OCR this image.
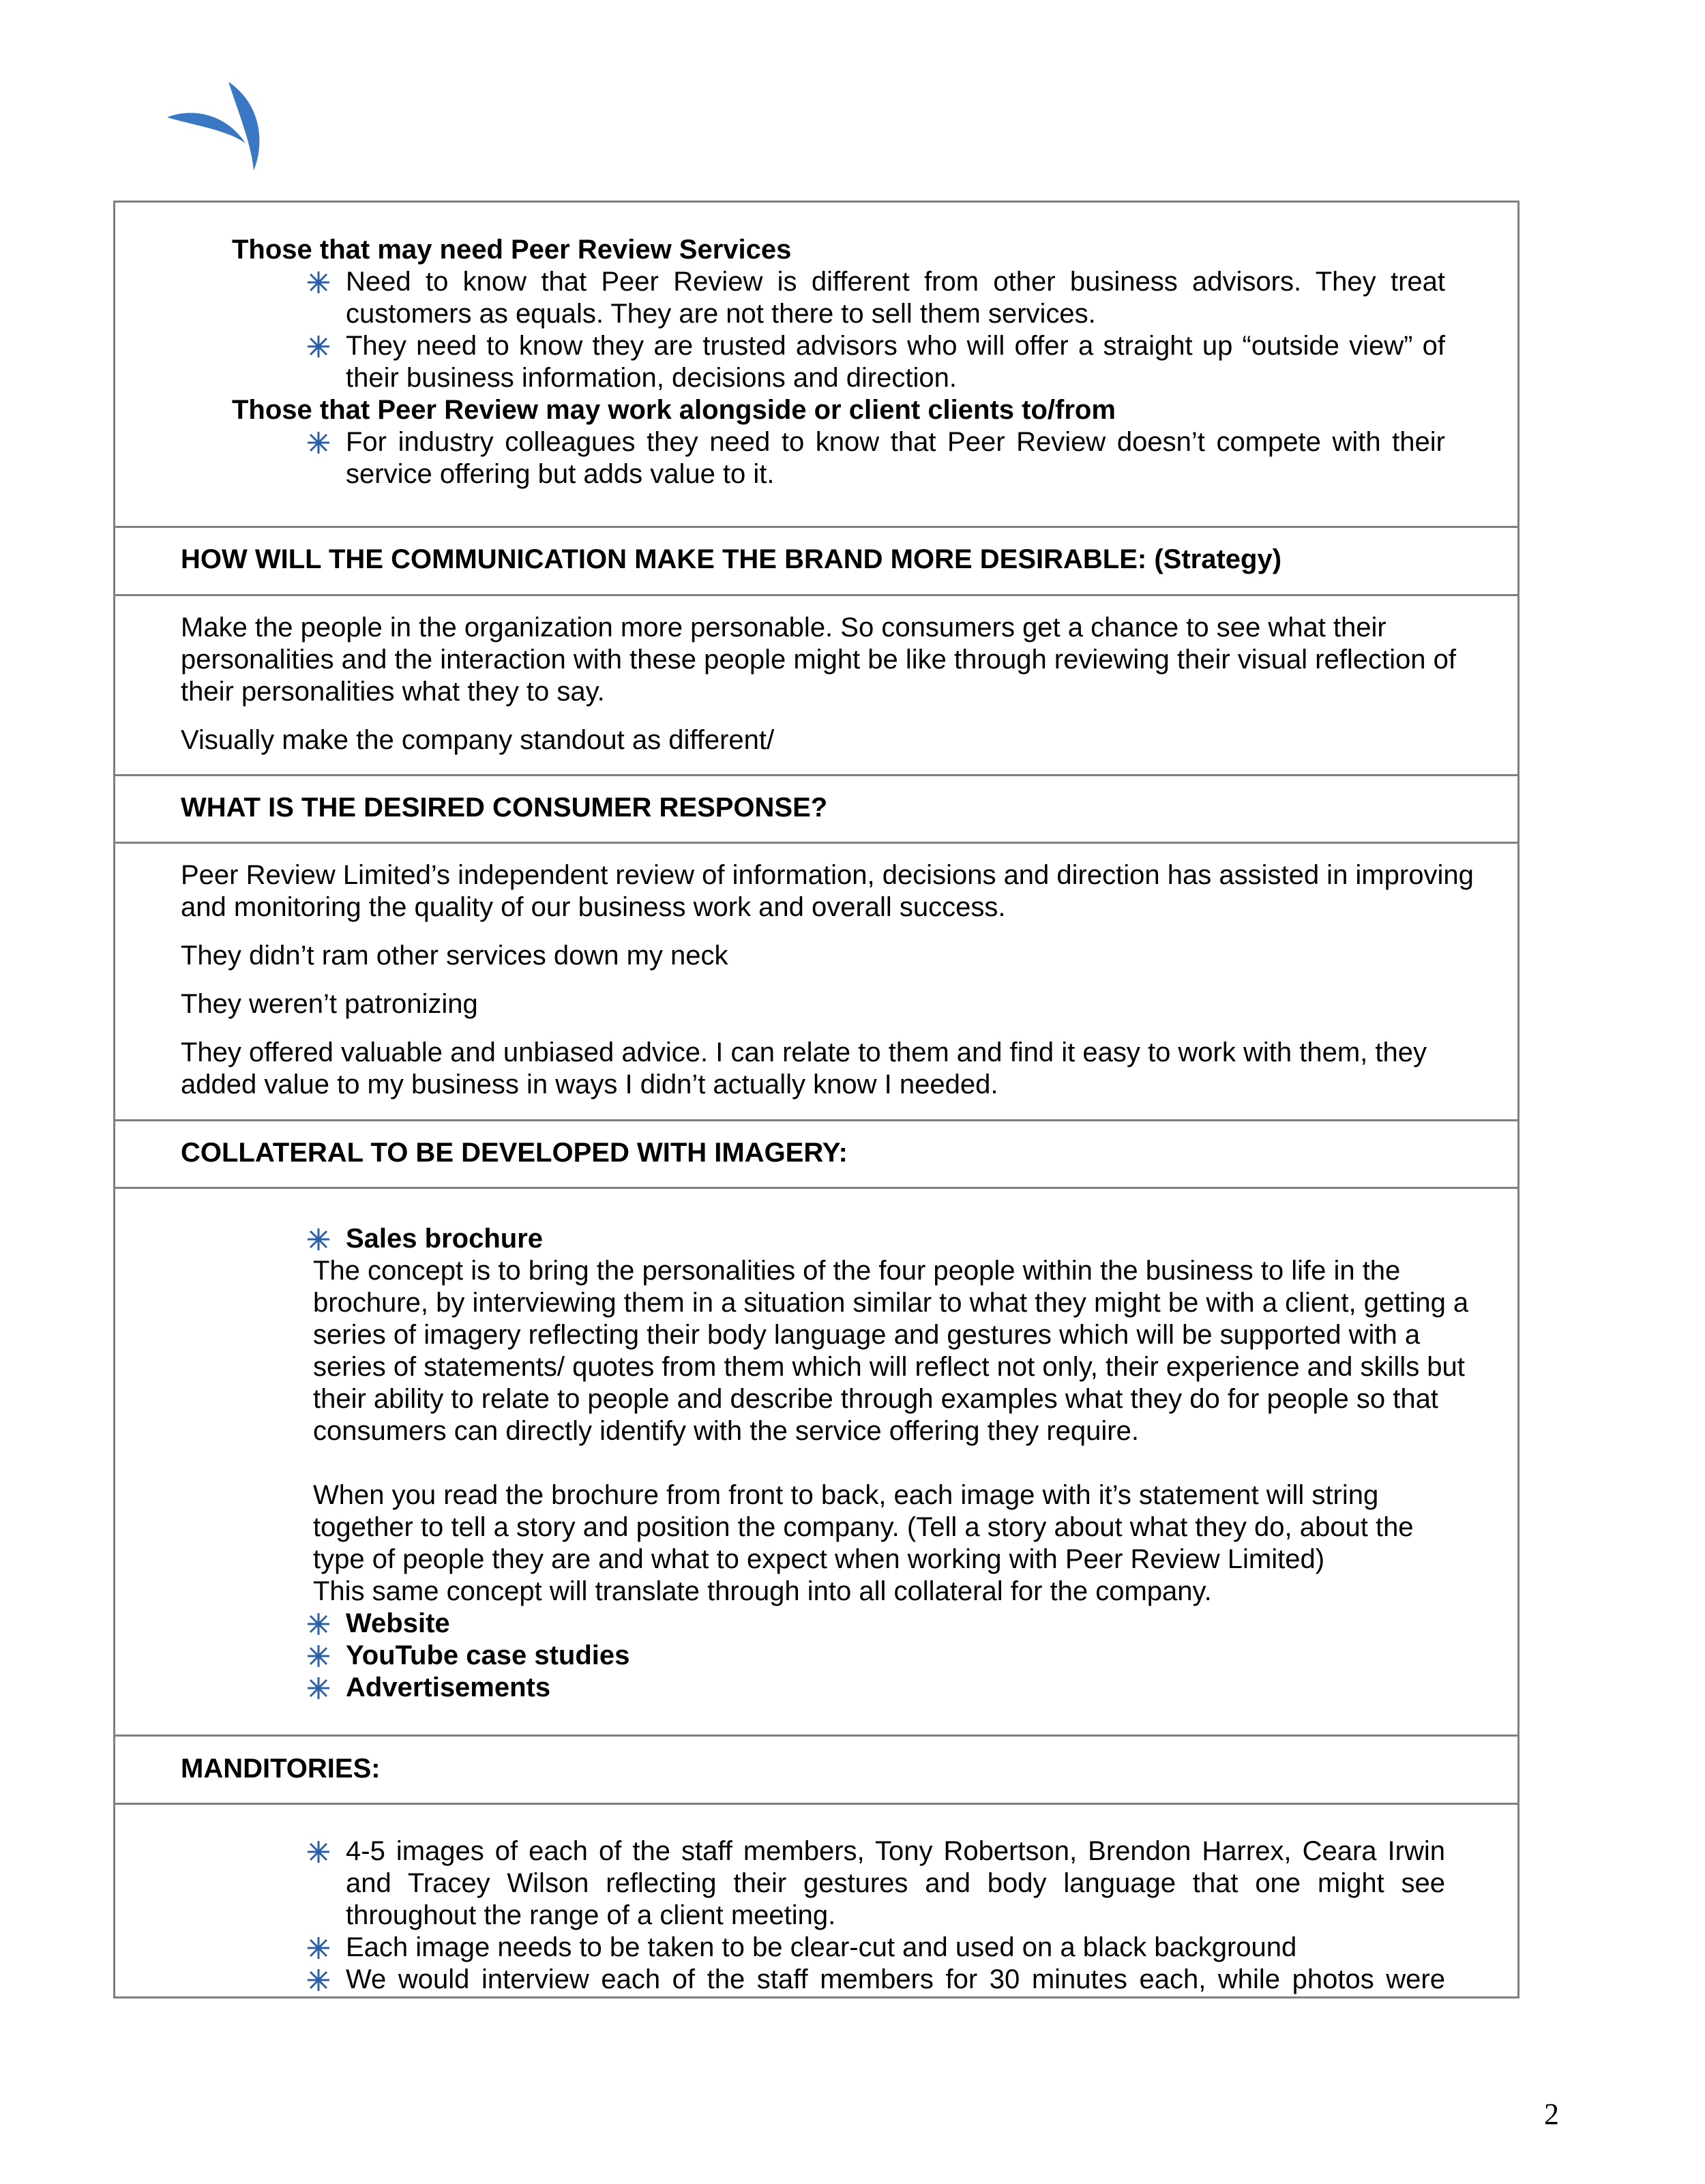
Those that may need Peer Review Services
Need to know that Peer Review is different from other business advisors. They treat customers as equals. They are not there to sell them services.
They need to know they are trusted advisors who will offer a straight up “outside view” of their business information, decisions and direction.
Those that Peer Review may work alongside or client clients to/from
For industry colleagues they need to know that Peer Review doesn’t compete with their service offering but adds value to it.
HOW WILL THE COMMUNICATION MAKE THE BRAND MORE DESIRABLE: (Strategy)

Make the people in the organization more personable. So consumers get a chance to see what their personalities and the interaction with these people might be like through reviewing their visual reflection of their personalities what they to say.

Visually make the company standout as different/

WHAT IS THE DESIRED CONSUMER RESPONSE?

Peer Review Limited’s independent review of information, decisions and direction has assisted in improving and monitoring the quality of our business work and overall success.

They didn’t ram other services down my neck

They weren’t patronizing

They offered valuable and unbiased advice. I can relate to them and find it easy to work with them, they added value to my business in ways I didn’t actually know I needed.

COLLATERAL TO BE DEVELOPED WITH IMAGERY:
Sales brochure

The concept is to bring the personalities of the four people within the business to life in the brochure, by interviewing them in a situation similar to what they might be with a client, getting a series of imagery reflecting their body language and gestures which will be supported with a series of statements/ quotes from them which will reflect not only, their experience and skills but their ability to relate to people and describe through examples what they do for people so that consumers can directly identify with the service offering they require.

When you read the brochure from front to back, each image with it’s statement will string together to tell a story and position the company. (Tell a story about what they do, about the type of people they are and what to expect when working with Peer Review Limited)

This same concept will translate through into all collateral for the company.

Website
YouTube case studies
Advertisements
MANDITORIES:
4-5 images of each of the staff members, Tony Robertson, Brendon Harrex, Ceara Irwin and Tracey Wilson reflecting their gestures and body language that one might see throughout the range of a client meeting.
Each image needs to be taken to be clear-cut and used on a black background
We would interview each of the staff members for 30 minutes each, while photos were
2
